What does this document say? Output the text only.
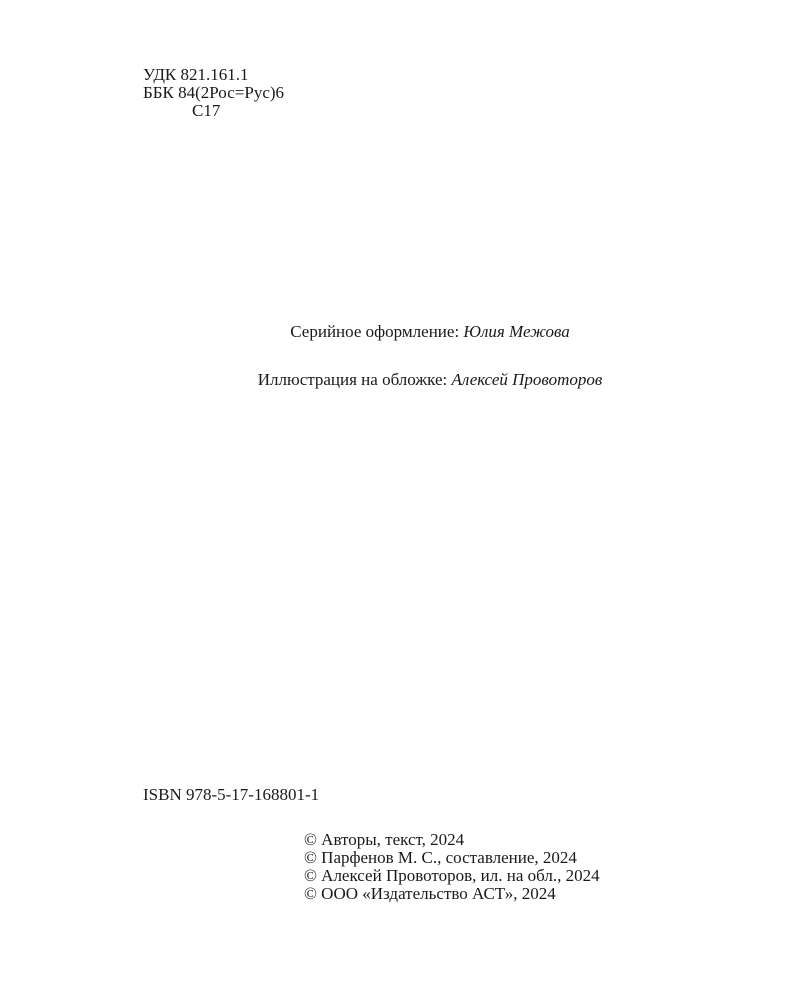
УДК 821.161.1
ББК 84(2Рос=Рус)6
С17
Серийное оформление: Юлия Межова
Иллюстрация на обложке: Алексей Провоторов
ISBN 978-5-17-168801-1
© Авторы, текст, 2024
© Парфенов М. С., составление, 2024
© Алексей Провоторов, ил. на обл., 2024
© ООО «Издательство АСТ», 2024
